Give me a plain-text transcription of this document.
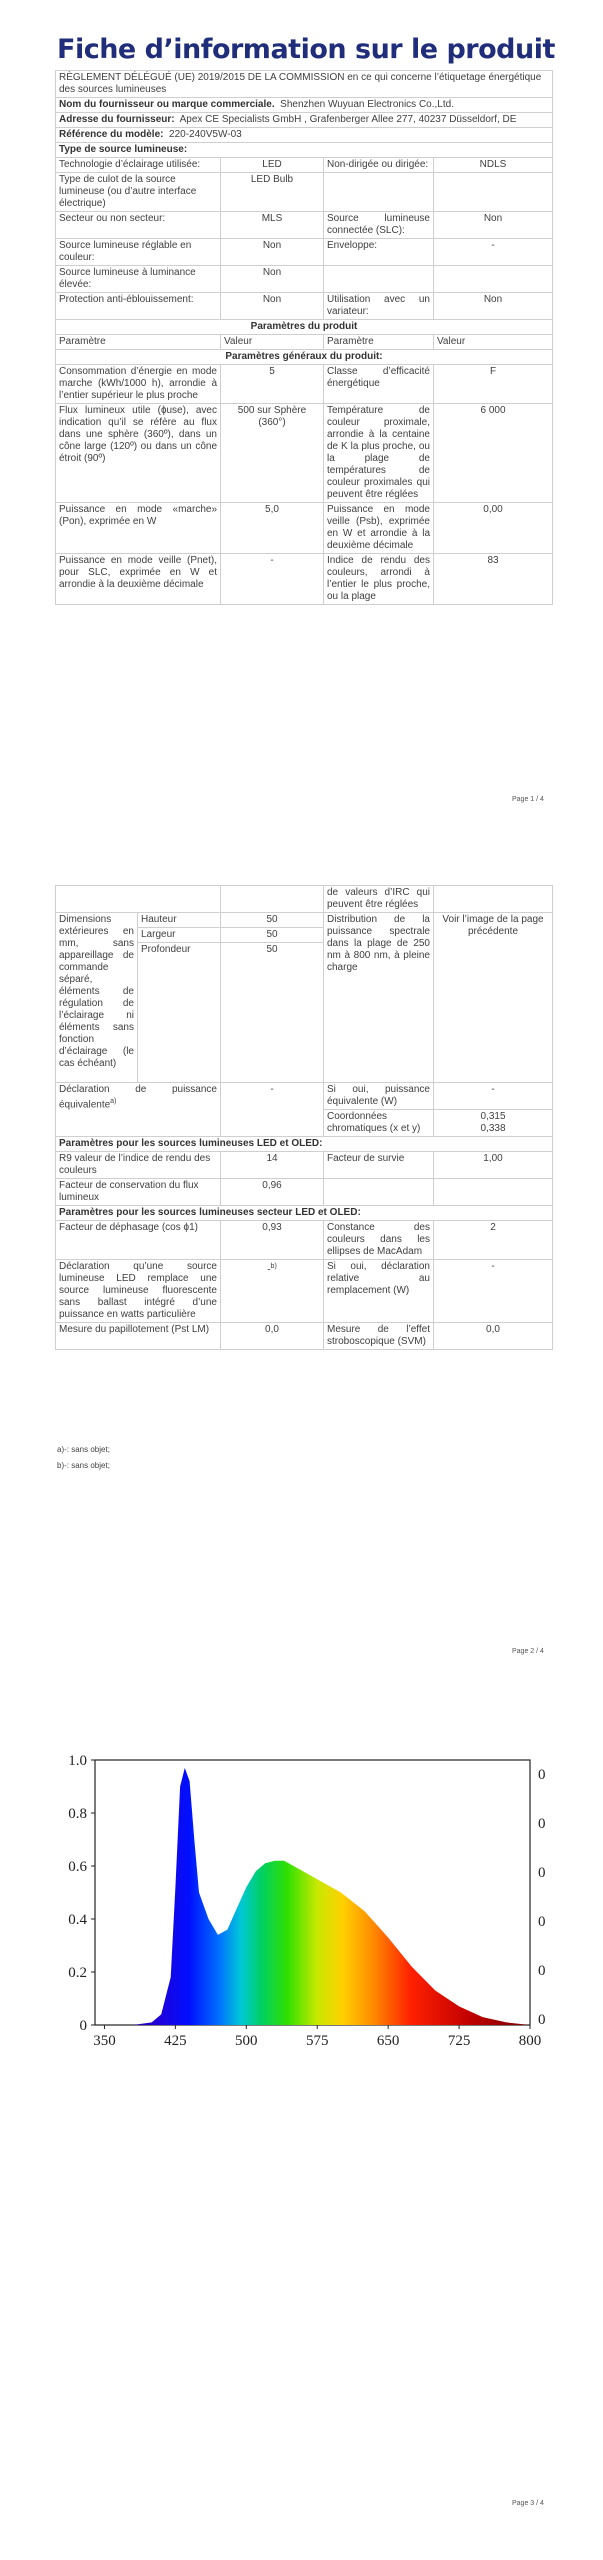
Fiche d’information sur le produit
RÈGLEMENT DÉLÉGUÉ (UE) 2019/2015 DE LA COMMISSION en ce qui concerne l’étiquetage énergétique des sources lumineuses			
Nom du fournisseur ou marque commerciale. Shenzhen Wuyuan Electronics Co.,Ltd.			
Adresse du fournisseur: Apex CE Specialists GmbH , Grafenberger Allee 277, 40237 Düsseldorf, DE			
Référence du modèle: 220-240V5W-03			
Type de source lumineuse:			
Technologie d’éclairage utilisée:	LED	Non-dirigée ou dirigée:	NDLS
Type de culot de la source lumineuse (ou d’autre interface électrique)	LED Bulb		
Secteur ou non secteur:	MLS	Source lumineuse connectée (SLC):	Non
Source lumineuse réglable en couleur:	Non	Enveloppe:	-
Source lumineuse à luminance élevée:	Non		
Protection anti-éblouissement:	Non	Utilisation avec un variateur:	Non
Paramètres du produit			
Paramètre	Valeur	Paramètre	Valeur
Paramètres généraux du produit:			
Consommation d’énergie en mode marche (kWh/1000 h), arrondie à l’entier supérieur le plus proche	5	Classe d’efficacité énergétique	F
Flux lumineux utile (ɸuse), avec indication qu’il se réfère au flux dans une sphère (360º), dans un cône large (120º) ou dans un cône étroit (90º)	500 sur Sphère (360°)	Température de couleur proximale, arrondie à la centaine de K la plus proche, ou la plage de températures de couleur proximales qui peuvent être réglées	6 000
Puissance en mode «marche» (Pon), exprimée en W	5,0	Puissance en mode veille (Psb), exprimée en W et arrondie à la deuxième décimale	0,00
Puissance en mode veille (Pnet), pour SLC, exprimée en W et arrondie à la deuxième décimale	-	Indice de rendu des couleurs, arrondi à l’entier le plus proche, ou la plage	83
Page 1 / 4
			de valeurs d’IRC qui peuvent être réglées	
Dimensions extérieures en mm, sans appareillage de commande séparé, éléments de régulation de l’éclairage ni éléments sans fonction d’éclairage (le cas échéant)	Hauteur	50	Distribution de la puissance spectrale dans la plage de 250 nm à 800 nm, à pleine charge	Voir l’image de la page précédente
	Largeur	50		
	Profondeur	50		
Déclaration de puissance équivalente$^{a)}$		-	Si oui, puissance équivalente (W)	-
			Coordonnées chromatiques (x et y)	0,315
0,338

Paramètres pour les sources lumineuses LED et OLED:				
R9 valeur de l’indice de rendu des couleurs		14	Facteur de survie	1,00
Facteur de conservation du flux lumineux		0,96		
Paramètres pour les sources lumineuses secteur LED et OLED:				
Facteur de déphasage (cos ϕ1)		0,93	Constance des couleurs dans les ellipses de MacAdam	2
Déclaration qu’une source lumineuse LED remplace une source lumineuse fluorescente sans ballast intégré d’une puissance en watts particulière		-$^{b)}$	Si oui, déclaration relative au remplacement (W)	-
Mesure du papillotement (Pst LM)		0,0	Mesure de l’effet stroboscopique (SVM)	0,0
a)-: sans objet;
b)-: sans objet;
Page 2 / 4
0
0.2
0.4
0.6
0.8
1.0
350	425	500	575	650	725	800
0
0
0
0
0
0
Page 3 / 4
